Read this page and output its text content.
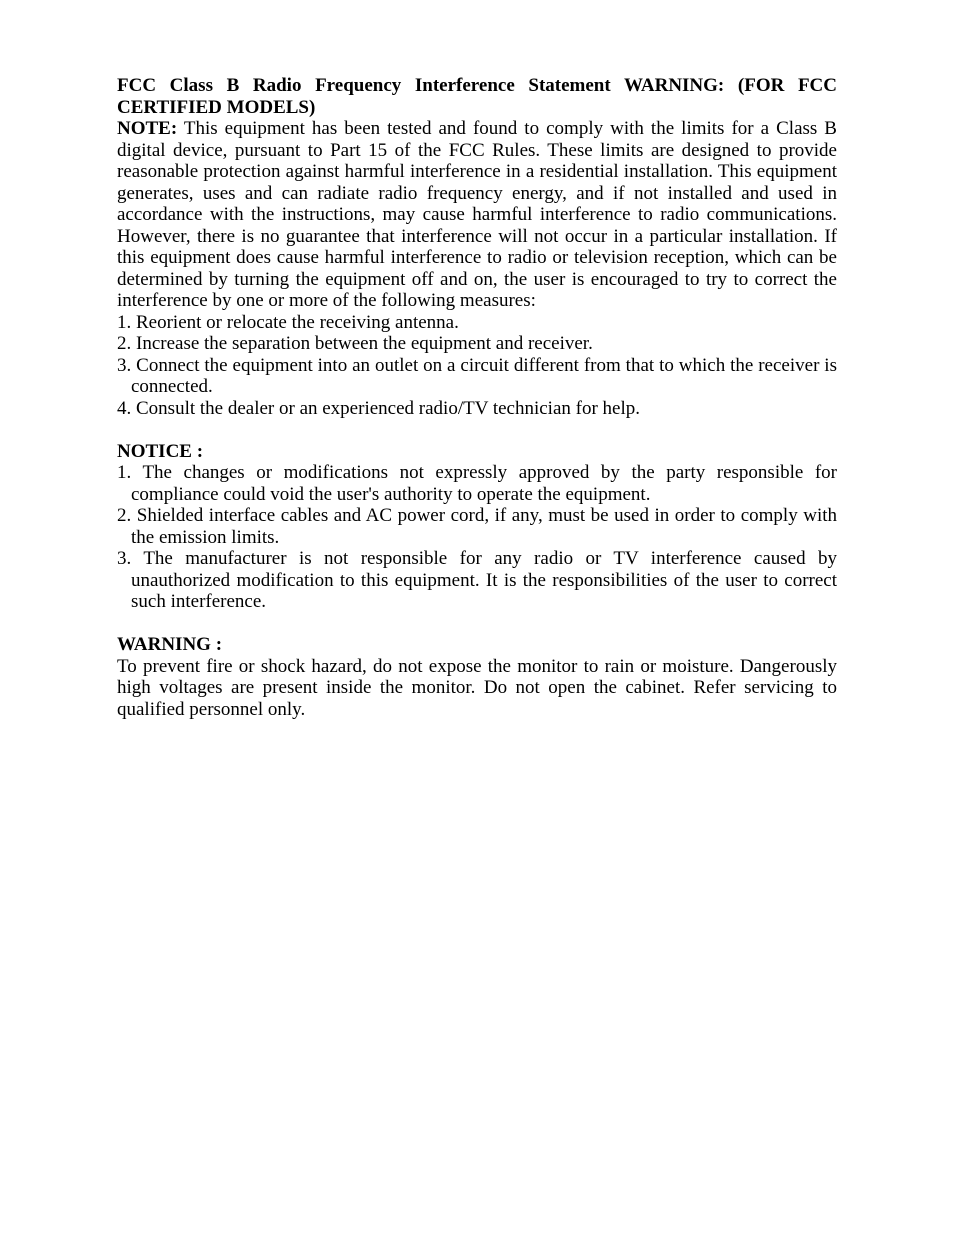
FCC Class B Radio Frequency Interference Statement WARNING: (FOR FCC CERTIFIED MODELS)

NOTE: This equipment has been tested and found to comply with the limits for a Class B digital device, pursuant to Part 15 of the FCC Rules. These limits are designed to provide reasonable protection against harmful interference in a residential installation. This equipment generates, uses and can radiate radio frequency energy, and if not installed and used in accordance with the instructions, may cause harmful interference to radio communications. However, there is no guarantee that interference will not occur in a particular installation. If this equipment does cause harmful interference to radio or television reception, which can be determined by turning the equipment off and on, the user is encouraged to try to correct the interference by one or more of the following measures:

1. Reorient or relocate the receiving antenna.
2. Increase the separation between the equipment and receiver.
3. Connect the equipment into an outlet on a circuit different from that to which the receiver is connected.
4. Consult the dealer or an experienced radio/TV technician for help.

NOTICE :

1. The changes or modifications not expressly approved by the party responsible for compliance could void the user's authority to operate the equipment.
2. Shielded interface cables and AC power cord, if any, must be used in order to comply with the emission limits.
3. The manufacturer is not responsible for any radio or TV interference caused by unauthorized modification to this equipment. It is the responsibilities of the user to correct such interference.

WARNING :

To prevent fire or shock hazard, do not expose the monitor to rain or moisture. Dangerously high voltages are present inside the monitor. Do not open the cabinet. Refer servicing to qualified personnel only.
